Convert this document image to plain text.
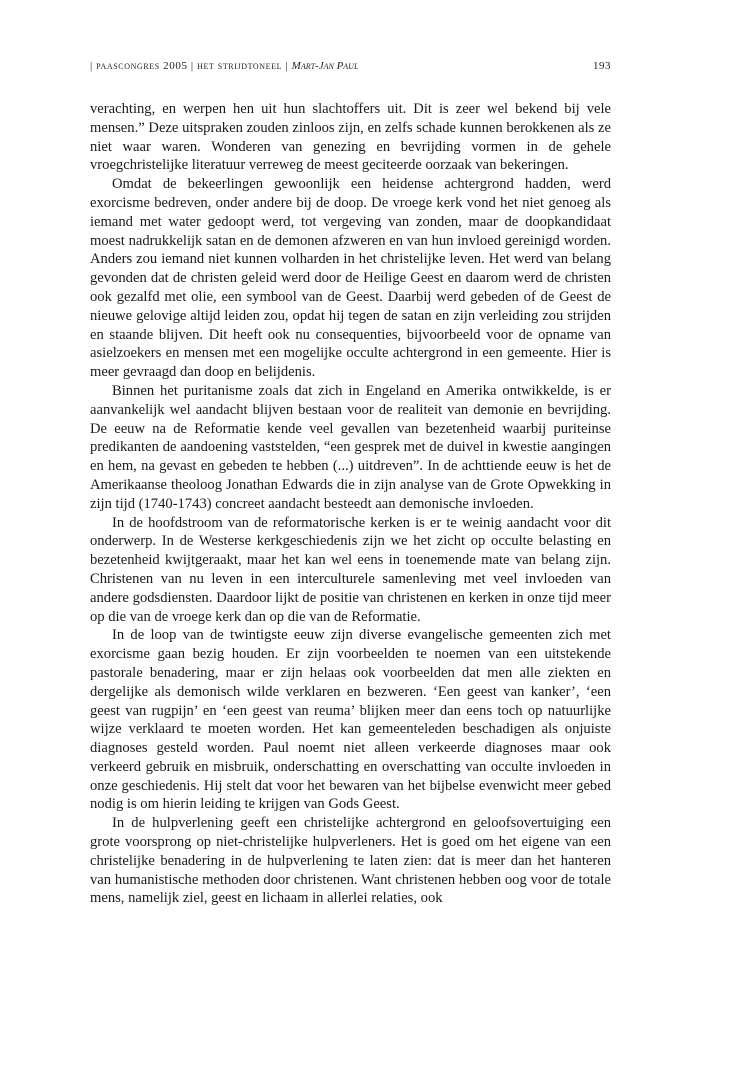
| paascongres 2005 | het strijdtoneel | Mart-Jan Paul	193

verachting, en werpen hen uit hun slachtoffers uit. Dit is zeer wel bekend bij vele mensen.” Deze uitspraken zouden zinloos zijn, en zelfs schade kunnen berokkenen als ze niet waar waren. Wonderen van genezing en bevrijding vormen in de gehele vroegchristelijke literatuur verreweg de meest geciteerde oorzaak van bekeringen.

Omdat de bekeerlingen gewoonlijk een heidense achtergrond hadden, werd exorcisme bedreven, onder andere bij de doop. De vroege kerk vond het niet genoeg als iemand met water gedoopt werd, tot vergeving van zonden, maar de doopkandidaat moest nadrukkelijk satan en de demonen afzweren en van hun invloed gereinigd worden. Anders zou iemand niet kunnen volharden in het christelijke leven. Het werd van belang gevonden dat de christen geleid werd door de Heilige Geest en daarom werd de christen ook gezalfd met olie, een symbool van de Geest. Daarbij werd gebeden of de Geest de nieuwe gelovige altijd leiden zou, opdat hij tegen de satan en zijn verleiding zou strijden en staande blijven. Dit heeft ook nu consequenties, bijvoorbeeld voor de opname van asielzoekers en mensen met een mogelijke occulte achtergrond in een gemeente. Hier is meer gevraagd dan doop en belijdenis.

Binnen het puritanisme zoals dat zich in Engeland en Amerika ontwikkelde, is er aanvankelijk wel aandacht blijven bestaan voor de realiteit van demonie en bevrijding. De eeuw na de Reformatie kende veel gevallen van bezetenheid waarbij puriteinse predikanten de aandoening vaststelden, “een gesprek met de duivel in kwestie aangingen en hem, na gevast en gebeden te hebben (...) uitdreven”. In de achttiende eeuw is het de Amerikaanse theoloog Jonathan Edwards die in zijn analyse van de Grote Opwekking in zijn tijd (1740-1743) concreet aandacht besteedt aan demonische invloeden.

In de hoofdstroom van de reformatorische kerken is er te weinig aandacht voor dit onderwerp. In de Westerse kerkgeschiedenis zijn we het zicht op occulte belasting en bezetenheid kwijtgeraakt, maar het kan wel eens in toenemende mate van belang zijn. Christenen van nu leven in een interculturele samenleving met veel invloeden van andere godsdiensten. Daardoor lijkt de positie van christenen en kerken in onze tijd meer op die van de vroege kerk dan op die van de Reformatie.

In de loop van de twintigste eeuw zijn diverse evangelische gemeenten zich met exorcisme gaan bezig houden. Er zijn voorbeelden te noemen van een uitstekende pastorale benadering, maar er zijn helaas ook voorbeelden dat men alle ziekten en dergelijke als demonisch wilde verklaren en bezweren. ‘Een geest van kanker’, ‘een geest van rugpijn’ en ‘een geest van reuma’ blijken meer dan eens toch op natuurlijke wijze verklaard te moeten worden. Het kan gemeenteleden beschadigen als onjuiste diagnoses gesteld worden. Paul noemt niet alleen verkeerde diagnoses maar ook verkeerd gebruik en misbruik, onderschatting en overschatting van occulte invloeden in onze geschiedenis. Hij stelt dat voor het bewaren van het bijbelse evenwicht meer gebed nodig is om hierin leiding te krijgen van Gods Geest.

In de hulpverlening geeft een christelijke achtergrond en geloofsovertuiging een grote voorsprong op niet-christelijke hulpverleners. Het is goed om het eigene van een christelijke benadering in de hulpverlening te laten zien: dat is meer dan het hanteren van humanistische methoden door christenen. Want christenen hebben oog voor de totale mens, namelijk ziel, geest en lichaam in allerlei relaties, ook
